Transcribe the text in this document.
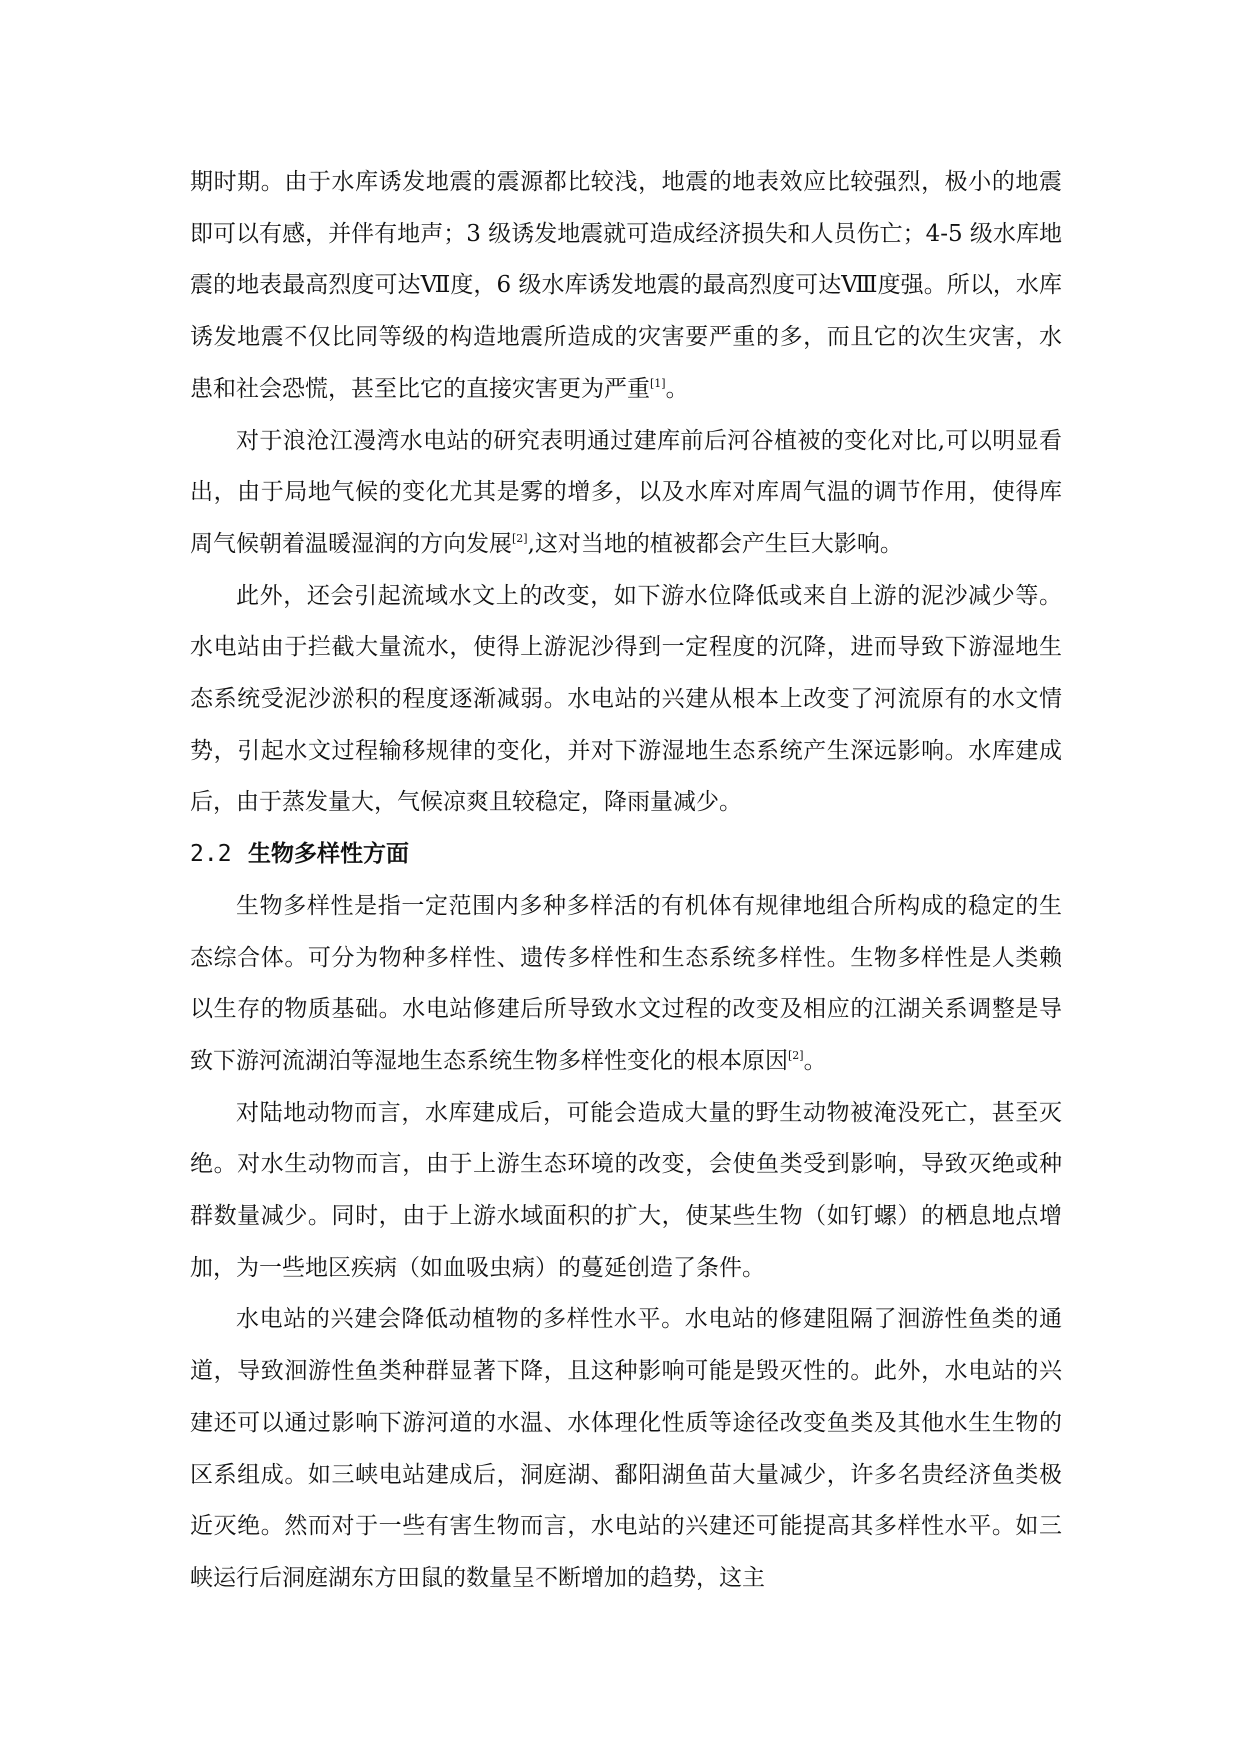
期时期。由于水库诱发地震的震源都比较浅，地震的地表效应比较强烈，极小的地震即可以有感，并伴有地声；3 级诱发地震就可造成经济损失和人员伤亡；4-5 级水库地震的地表最高烈度可达Ⅶ度，6 级水库诱发地震的最高烈度可达Ⅷ度强。所以，水库诱发地震不仅比同等级的构造地震所造成的灾害要严重的多，而且它的次生灾害，水患和社会恐慌，甚至比它的直接灾害更为严重[1]。

对于浪沧江漫湾水电站的研究表明通过建库前后河谷植被的变化对比,可以明显看出，由于局地气候的变化尤其是雾的增多，以及水库对库周气温的调节作用，使得库周气候朝着温暖湿润的方向发展[2],这对当地的植被都会产生巨大影响。

此外，还会引起流域水文上的改变，如下游水位降低或来自上游的泥沙减少等。水电站由于拦截大量流水，使得上游泥沙得到一定程度的沉降，进而导致下游湿地生态系统受泥沙淤积的程度逐渐减弱。水电站的兴建从根本上改变了河流原有的水文情势，引起水文过程输移规律的变化，并对下游湿地生态系统产生深远影响。水库建成后，由于蒸发量大，气候凉爽且较稳定，降雨量减少。

2.2 生物多样性方面

生物多样性是指一定范围内多种多样活的有机体有规律地组合所构成的稳定的生态综合体。可分为物种多样性、遗传多样性和生态系统多样性。生物多样性是人类赖以生存的物质基础。水电站修建后所导致水文过程的改变及相应的江湖关系调整是导致下游河流湖泊等湿地生态系统生物多样性变化的根本原因[2]。

对陆地动物而言，水库建成后，可能会造成大量的野生动物被淹没死亡，甚至灭绝。对水生动物而言，由于上游生态环境的改变，会使鱼类受到影响，导致灭绝或种群数量减少。同时，由于上游水域面积的扩大，使某些生物（如钉螺）的栖息地点增加，为一些地区疾病（如血吸虫病）的蔓延创造了条件。

水电站的兴建会降低动植物的多样性水平。水电站的修建阻隔了洄游性鱼类的通道，导致洄游性鱼类种群显著下降，且这种影响可能是毁灭性的。此外，水电站的兴建还可以通过影响下游河道的水温、水体理化性质等途径改变鱼类及其他水生生物的区系组成。如三峡电站建成后，洞庭湖、鄱阳湖鱼苗大量减少，许多名贵经济鱼类极近灭绝。然而对于一些有害生物而言，水电站的兴建还可能提高其多样性水平。如三峡运行后洞庭湖东方田鼠的数量呈不断增加的趋势，这主
